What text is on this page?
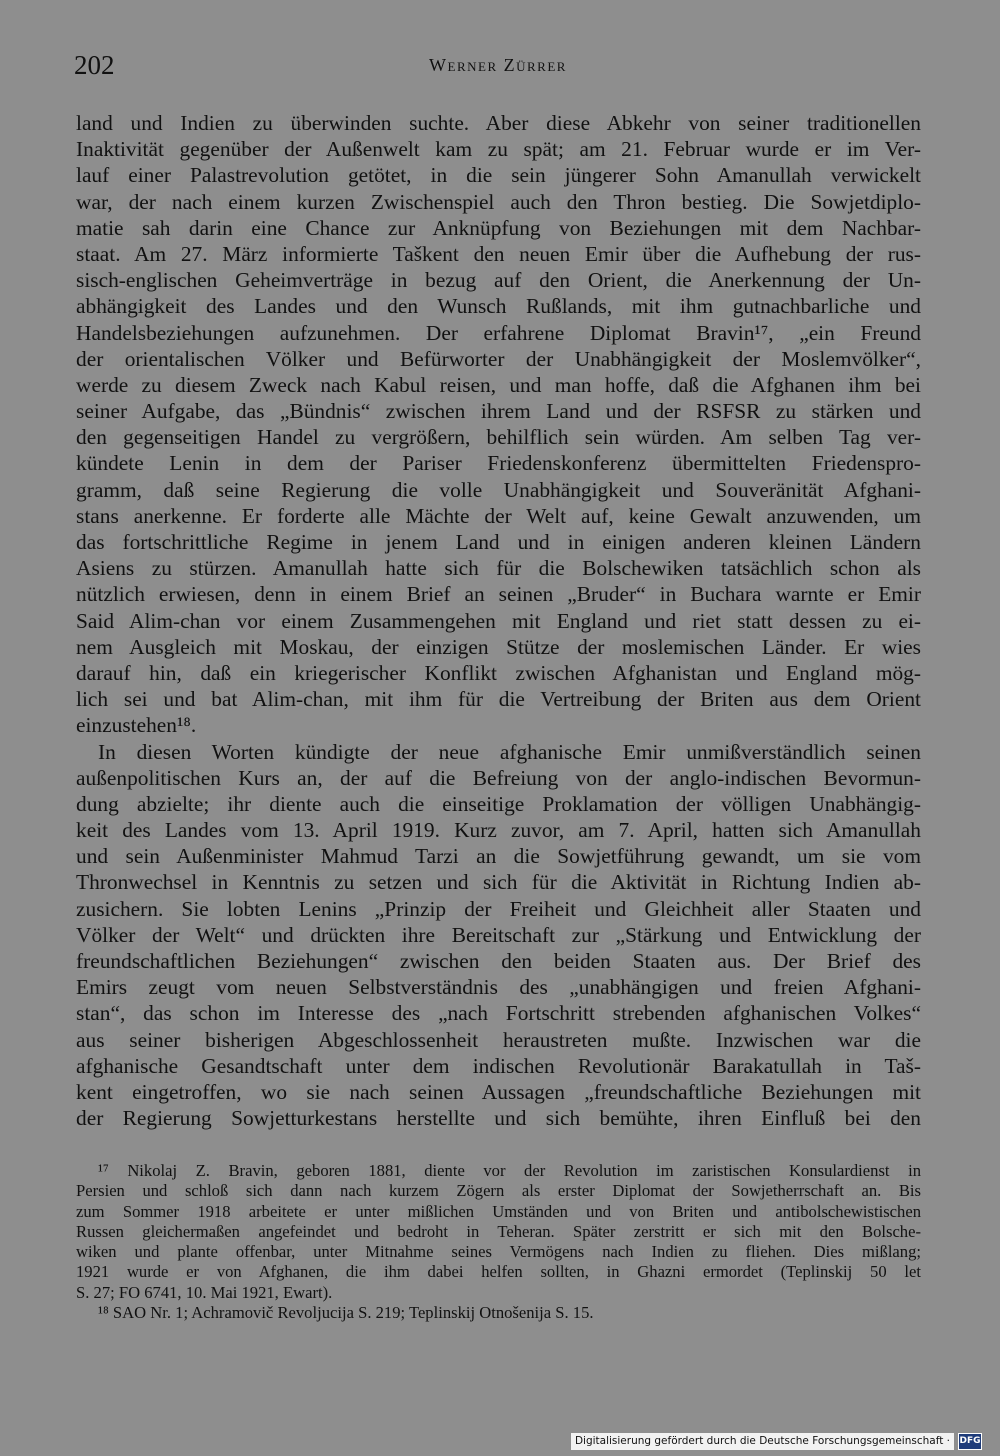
202	Werner Zürrer
land und Indien zu überwinden suchte. Aber diese Abkehr von seiner traditionellen
Inaktivität gegenüber der Außenwelt kam zu spät; am 21. Februar wurde er im Ver-
lauf einer Palastrevolution getötet, in die sein jüngerer Sohn Amanullah verwickelt
war, der nach einem kurzen Zwischenspiel auch den Thron bestieg. Die Sowjetdiplo-
matie sah darin eine Chance zur Anknüpfung von Beziehungen mit dem Nachbar-
staat. Am 27. März informierte Taškent den neuen Emir über die Aufhebung der rus-
sisch-englischen Geheimverträge in bezug auf den Orient, die Anerkennung der Un-
abhängigkeit des Landes und den Wunsch Rußlands, mit ihm gutnachbarliche und
Handelsbeziehungen aufzunehmen. Der erfahrene Diplomat Bravin¹⁷, „ein Freund
der orientalischen Völker und Befürworter der Unabhängigkeit der Moslemvölker“,
werde zu diesem Zweck nach Kabul reisen, und man hoffe, daß die Afghanen ihm bei
seiner Aufgabe, das „Bündnis“ zwischen ihrem Land und der RSFSR zu stärken und
den gegenseitigen Handel zu vergrößern, behilflich sein würden. Am selben Tag ver-
kündete Lenin in dem der Pariser Friedenskonferenz übermittelten Friedenspro-
gramm, daß seine Regierung die volle Unabhängigkeit und Souveränität Afghani-
stans anerkenne. Er forderte alle Mächte der Welt auf, keine Gewalt anzuwenden, um
das fortschrittliche Regime in jenem Land und in einigen anderen kleinen Ländern
Asiens zu stürzen. Amanullah hatte sich für die Bolschewiken tatsächlich schon als
nützlich erwiesen, denn in einem Brief an seinen „Bruder“ in Buchara warnte er Emir
Said Alim-chan vor einem Zusammengehen mit England und riet statt dessen zu ei-
nem Ausgleich mit Moskau, der einzigen Stütze der moslemischen Länder. Er wies
darauf hin, daß ein kriegerischer Konflikt zwischen Afghanistan und England mög-
lich sei und bat Alim-chan, mit ihm für die Vertreibung der Briten aus dem Orient
einzustehen¹⁸.
In diesen Worten kündigte der neue afghanische Emir unmißverständlich seinen
außenpolitischen Kurs an, der auf die Befreiung von der anglo-indischen Bevormun-
dung abzielte; ihr diente auch die einseitige Proklamation der völligen Unabhängig-
keit des Landes vom 13. April 1919. Kurz zuvor, am 7. April, hatten sich Amanullah
und sein Außenminister Mahmud Tarzi an die Sowjetführung gewandt, um sie vom
Thronwechsel in Kenntnis zu setzen und sich für die Aktivität in Richtung Indien ab-
zusichern. Sie lobten Lenins „Prinzip der Freiheit und Gleichheit aller Staaten und
Völker der Welt“ und drückten ihre Bereitschaft zur „Stärkung und Entwicklung der
freundschaftlichen Beziehungen“ zwischen den beiden Staaten aus. Der Brief des
Emirs zeugt vom neuen Selbstverständnis des „unabhängigen und freien Afghani-
stan“, das schon im Interesse des „nach Fortschritt strebenden afghanischen Volkes“
aus seiner bisherigen Abgeschlossenheit heraustreten mußte. Inzwischen war die
afghanische Gesandtschaft unter dem indischen Revolutionär Barakatullah in Taš-
kent eingetroffen, wo sie nach seinen Aussagen „freundschaftliche Beziehungen mit
der Regierung Sowjetturkestans herstellte und sich bemühte, ihren Einfluß bei den
¹⁷ Nikolaj Z. Bravin, geboren 1881, diente vor der Revolution im zaristischen Konsulardienst in
Persien und schloß sich dann nach kurzem Zögern als erster Diplomat der Sowjetherrschaft an. Bis
zum Sommer 1918 arbeitete er unter mißlichen Umständen und von Briten und antibolschewistischen
Russen gleichermaßen angefeindet und bedroht in Teheran. Später zerstritt er sich mit den Bolsche-
wiken und plante offenbar, unter Mitnahme seines Vermögens nach Indien zu fliehen. Dies mißlang;
1921 wurde er von Afghanen, die ihm dabei helfen sollten, in Ghazni ermordet (Teplinskij 50 let
S. 27; FO 6741, 10. Mai 1921, Ewart).
¹⁸ SAO Nr. 1; Achramovič Revoljucija S. 219; Teplinskij Otnošenija S. 15.
Digitalisierung gefördert durch die Deutsche Forschungsgemeinschaft ·	DFG
